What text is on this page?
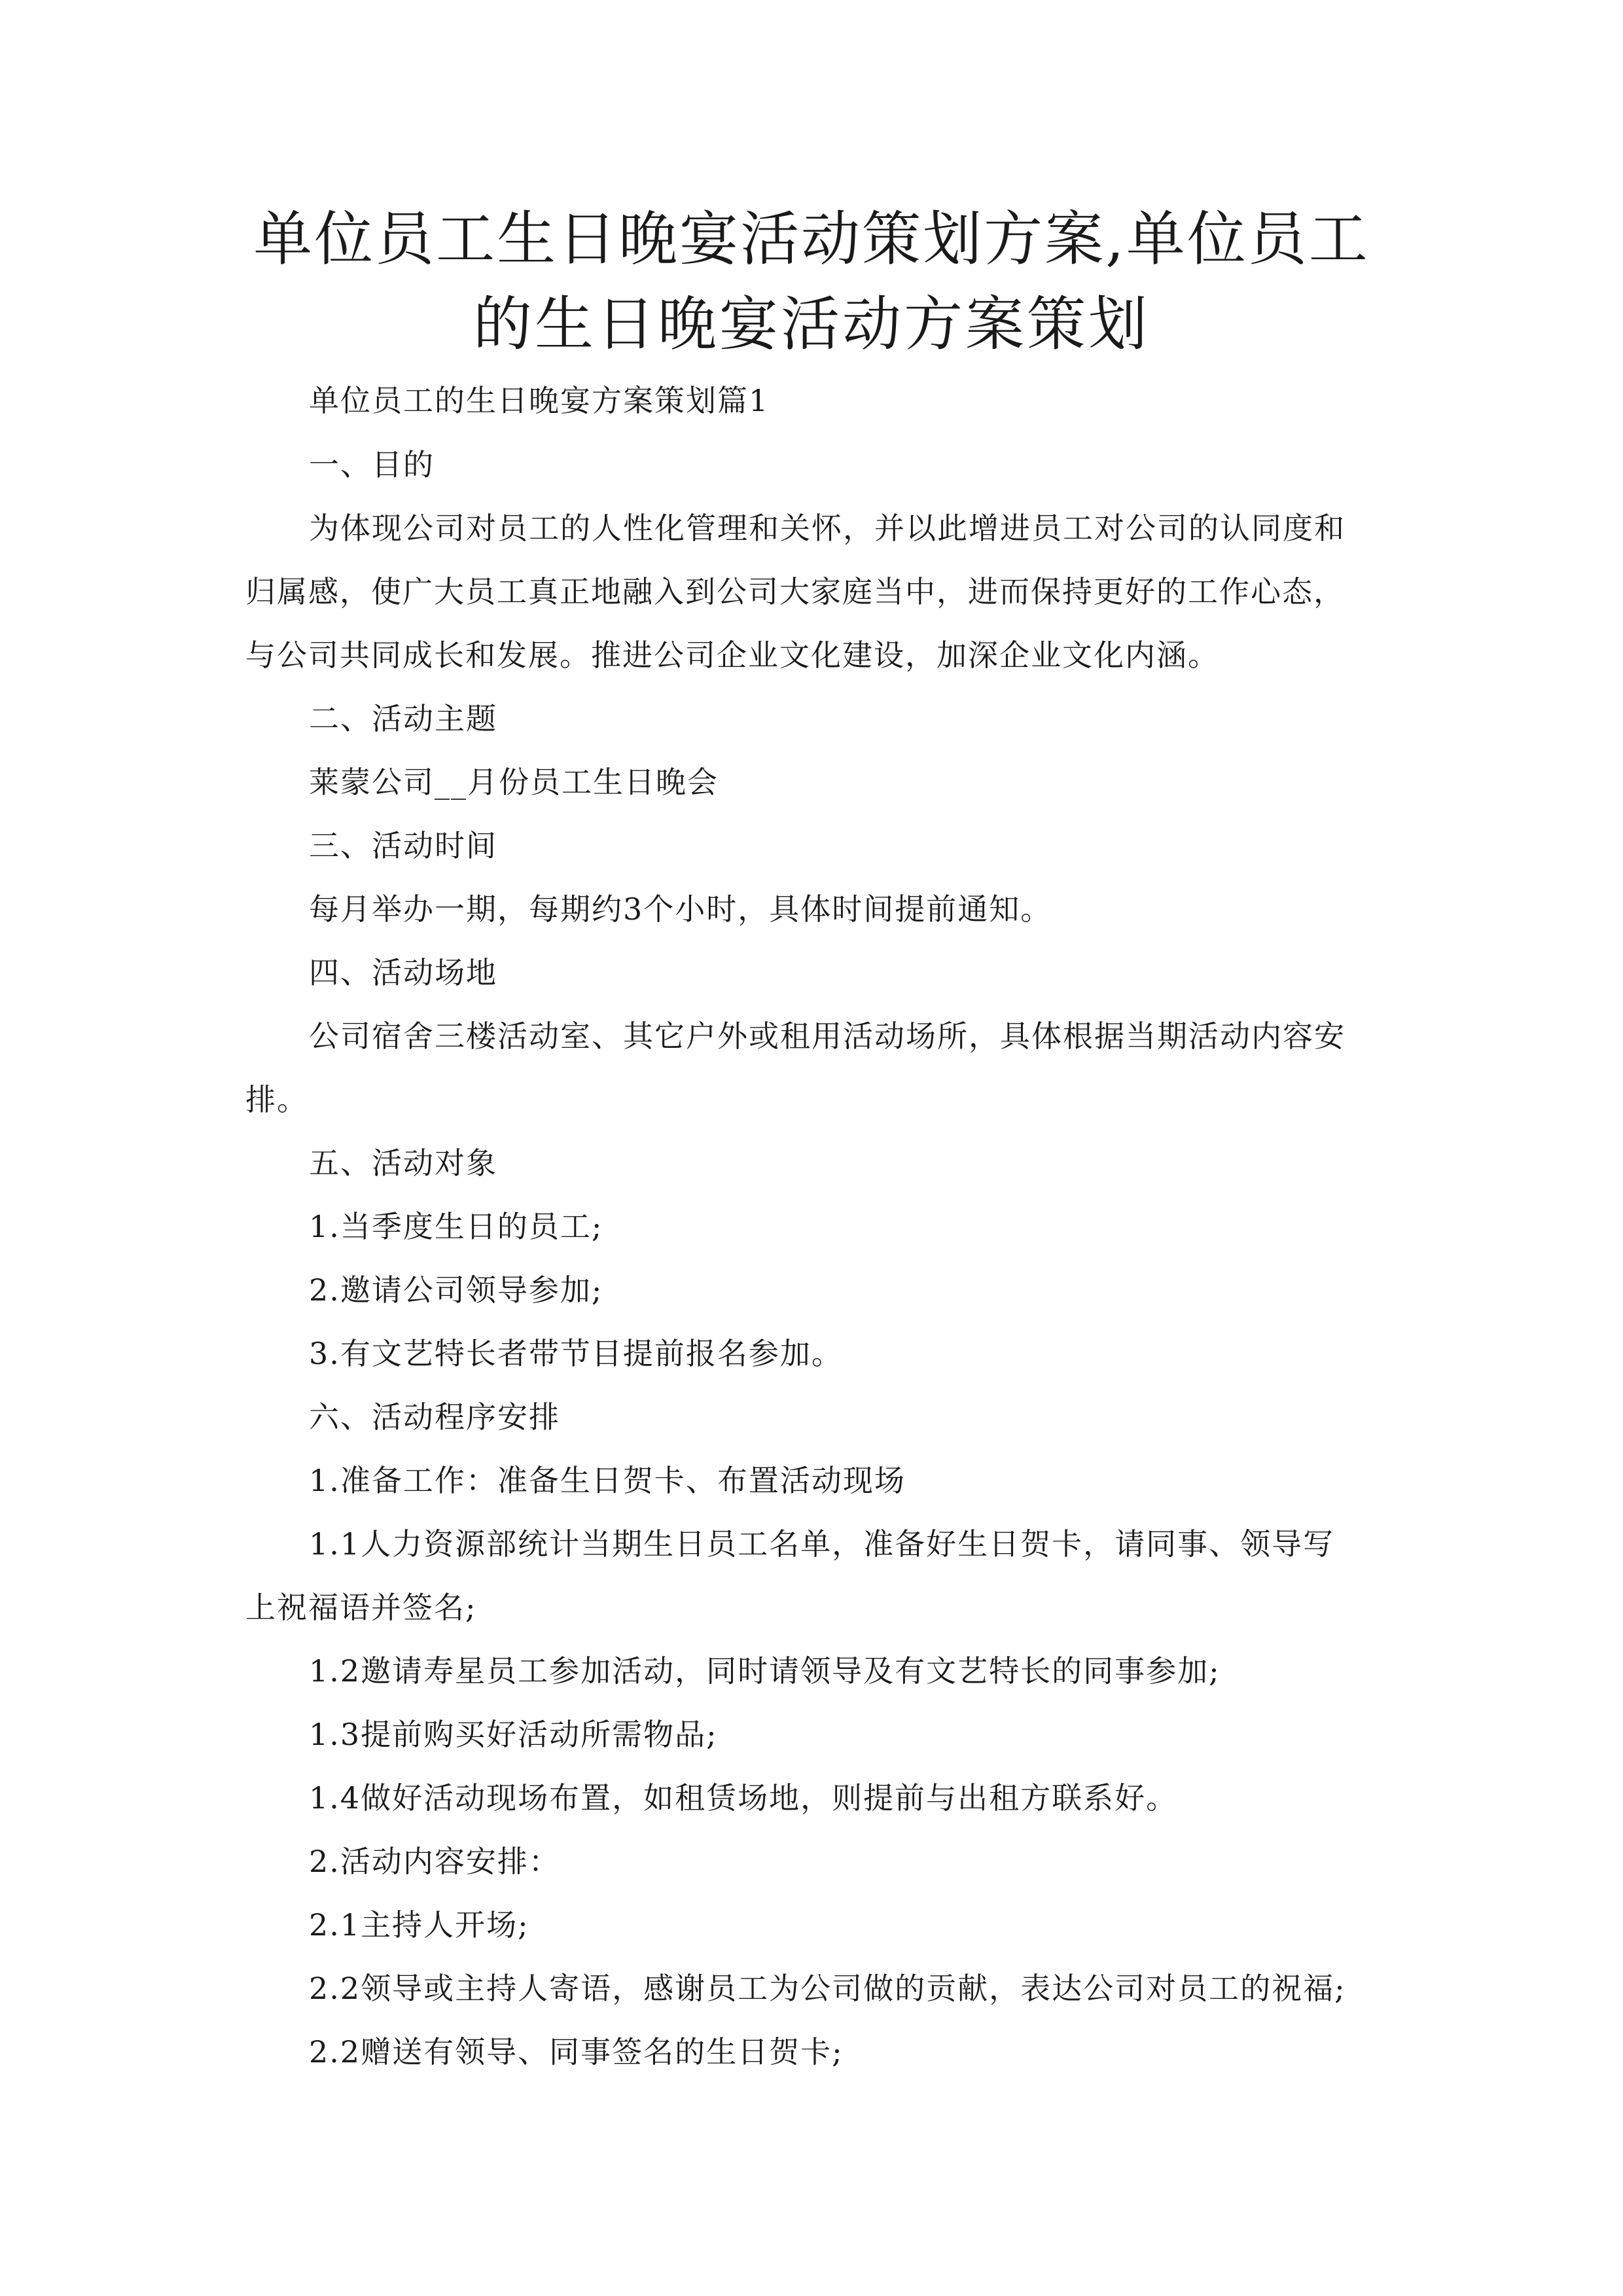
单位员工生日晚宴活动策划方案,单位员工
的生日晚宴活动方案策划

单位员工的生日晚宴方案策划篇1

一、目的

为体现公司对员工的人性化管理和关怀，并以此增进员工对公司的认同度和

归属感，使广大员工真正地融入到公司大家庭当中，进而保持更好的工作心态，

与公司共同成长和发展。推进公司企业文化建设，加深企业文化内涵。

二、活动主题

莱蒙公司__月份员工生日晚会

三、活动时间

每月举办一期，每期约3个小时，具体时间提前通知。

四、活动场地

公司宿舍三楼活动室、其它户外或租用活动场所，具体根据当期活动内容安

排。

五、活动对象

1.当季度生日的员工;

2.邀请公司领导参加;

3.有文艺特长者带节目提前报名参加。

六、活动程序安排

1.准备工作：准备生日贺卡、布置活动现场

1.1人力资源部统计当期生日员工名单，准备好生日贺卡，请同事、领导写

上祝福语并签名;

1.2邀请寿星员工参加活动，同时请领导及有文艺特长的同事参加;

1.3提前购买好活动所需物品;

1.4做好活动现场布置，如租赁场地，则提前与出租方联系好。

2.活动内容安排：

2.1主持人开场;

2.2领导或主持人寄语，感谢员工为公司做的贡献，表达公司对员工的祝福;

2.2赠送有领导、同事签名的生日贺卡;
